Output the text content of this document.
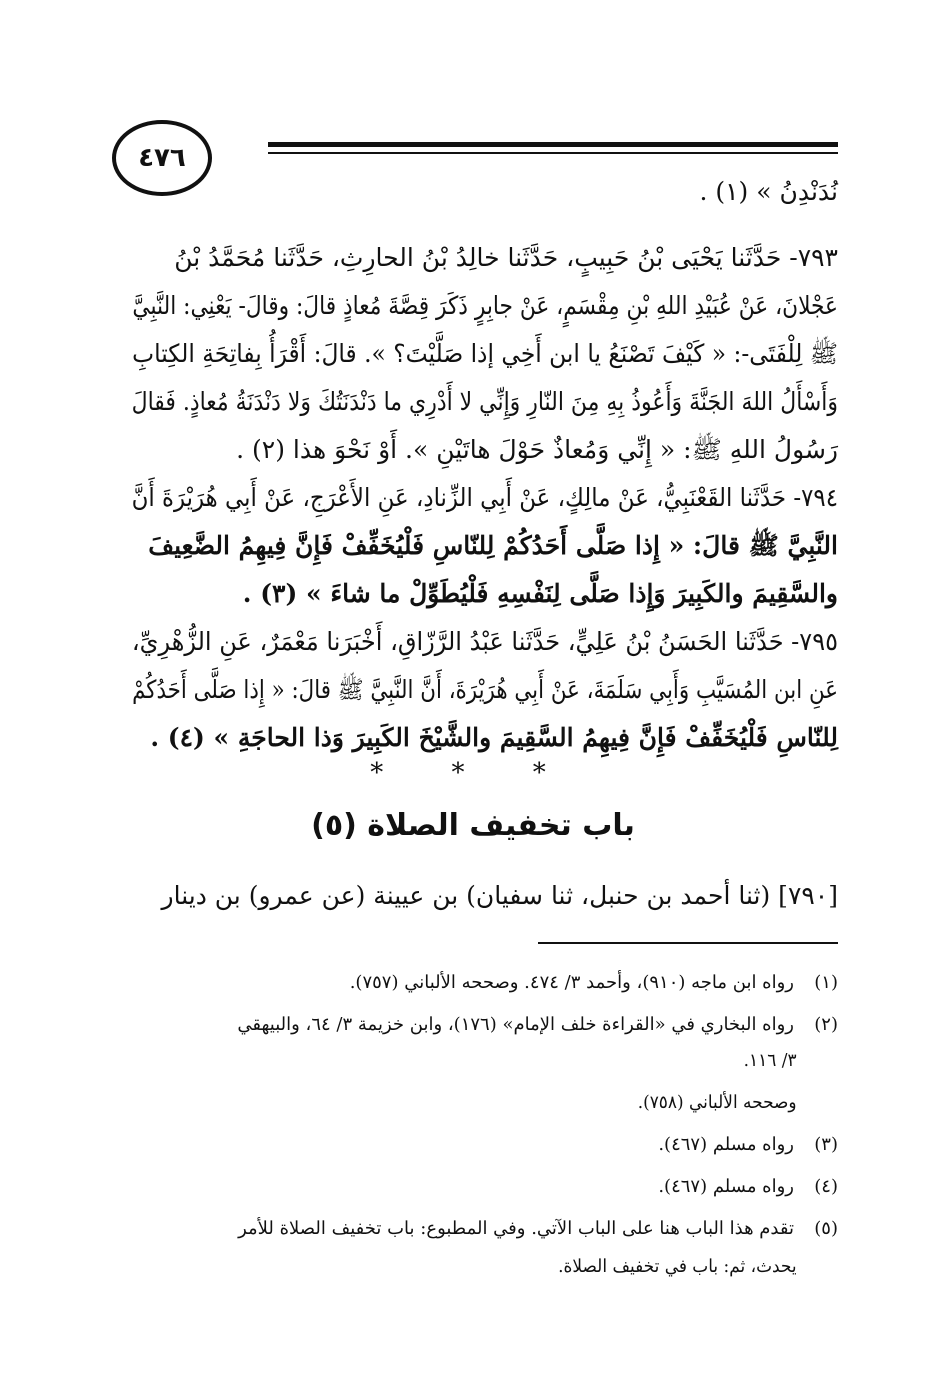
٤٧٦
نُدَنْدِنُ » (١) .
٧٩٣- حَدَّثَنا يَحْيَى بْنُ حَبِيبٍ، حَدَّثَنا خالِدُ بْنُ الحارِثِ، حَدَّثَنا مُحَمَّدُ بْنُ
عَجْلانَ، عَنْ عُبَيْدِ اللهِ بْنِ مِقْسَمٍ، عَنْ جابِرٍ ذَكَرَ قِصَّةَ مُعاذٍ قالَ: وقالَ- يَعْنِي: النَّبِيَّ
ﷺ لِلْفَتَى-: « كَيْفَ تَصْنَعُ يا ابن أَخِي إذا صَلَّيْتَ؟ ». قالَ: أَقْرَأُ بِفاتِحَةِ الكِتابِ
وَأَسْأَلُ اللهَ الجَنَّةَ وَأَعُوذُ بِهِ مِنَ النّارِ وَإِنِّي لا أَدْرِي ما دَنْدَنَتُكَ وَلا دَنْدَنَةُ مُعاذٍ. فَقالَ
رَسُولُ اللهِ ﷺ: « إِنِّي وَمُعاذٌ حَوْلَ هاتَيْنِ ». أَوْ نَحْوَ هذا (٢) .
٧٩٤- حَدَّثَنا القَعْنَبِيُّ، عَنْ مالِكٍ، عَنْ أَبِي الزِّنادِ، عَنِ الأَعْرَجِ، عَنْ أَبِي هُرَيْرَةَ أَنَّ
النَّبِيَّ ﷺ قالَ: « إِذا صَلَّى أَحَدُكُمْ لِلنّاسِ فَلْيُخَفِّفْ فَإِنَّ فِيهِمُ الضَّعِيفَ
والسَّقِيمَ والكَبِيرَ وَإِذا صَلَّى لِنَفْسِهِ فَلْيُطَوِّلْ ما شاءَ » (٣) .
٧٩٥- حَدَّثَنا الحَسَنُ بْنُ عَلِيٍّ، حَدَّثَنا عَبْدُ الرَّزّاقِ، أَخْبَرَنا مَعْمَرٌ، عَنِ الزُّهْرِيِّ،
عَنِ ابن المُسَيَّبِ وَأَبِي سَلَمَةَ، عَنْ أَبِي هُرَيْرَةَ، أَنَّ النَّبِيَّ ﷺ قالَ: « إِذا صَلَّى أَحَدُكُمْ
لِلنّاسِ فَلْيُخَفِّفْ فَإِنَّ فِيهِمُ السَّقِيمَ والشَّيْخَ الكَبِيرَ وَذا الحاجَةِ » (٤) .
* * *
باب تخفيف الصلاة (٥)
[٧٩٠] (ثنا أحمد بن حنبل، ثنا سفيان) بن عيينة (عن عمرو) بن دينار
(١)رواه ابن ماجه (٩١٠)، وأحمد ٣/ ٤٧٤. وصححه الألباني (٧٥٧).
(٢)رواه البخاري في «القراءة خلف الإمام» (١٧٦)، وابن خزيمة ٣/ ٦٤، والبيهقي
٣/ ١١٦.
وصححه الألباني (٧٥٨).
(٣)رواه مسلم (٤٦٧).
(٤)رواه مسلم (٤٦٧).
(٥)تقدم هذا الباب هنا على الباب الآتي. وفي المطبوع: باب تخفيف الصلاة للأمر
يحدث، ثم: باب في تخفيف الصلاة.
